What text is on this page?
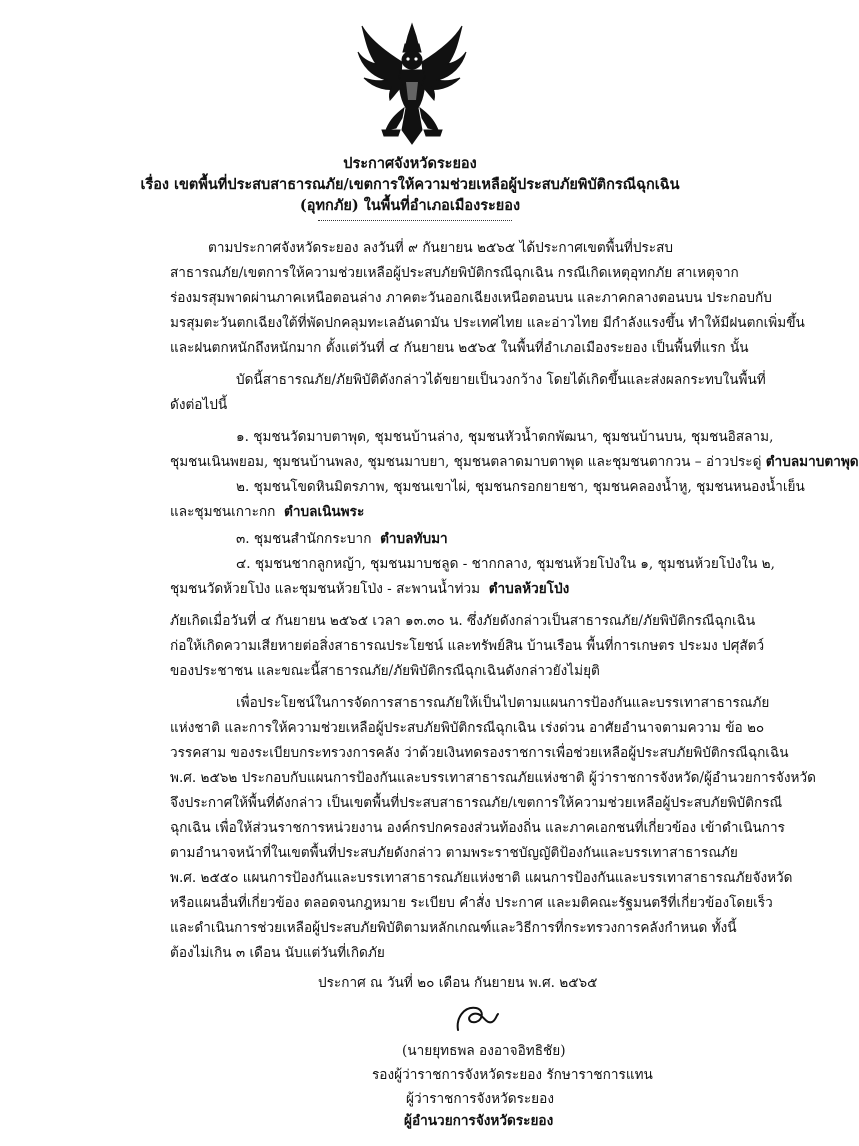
ประกาศจังหวัดระยอง
เรื่อง เขตพื้นที่ประสบสาธารณภัย/เขตการให้ความช่วยเหลือผู้ประสบภัยพิบัติกรณีฉุกเฉิน
(อุทกภัย) ในพื้นที่อำเภอเมืองระยอง
ตามประกาศจังหวัดระยอง ลงวันที่ ๙ กันยายน ๒๕๖๕ ได้ประกาศเขตพื้นที่ประสบ
สาธารณภัย/เขตการให้ความช่วยเหลือผู้ประสบภัยพิบัติกรณีฉุกเฉิน กรณีเกิดเหตุอุทกภัย สาเหตุจาก
ร่องมรสุมพาดผ่านภาคเหนือตอนล่าง ภาคตะวันออกเฉียงเหนือตอนบน และภาคกลางตอนบน ประกอบกับ
มรสุมตะวันตกเฉียงใต้ที่พัดปกคลุมทะเลอันดามัน ประเทศไทย และอ่าวไทย มีกำลังแรงขึ้น ทำให้มีฝนตกเพิ่มขึ้น
และฝนตกหนักถึงหนักมาก ตั้งแต่วันที่ ๔ กันยายน ๒๕๖๕ ในพื้นที่อำเภอเมืองระยอง เป็นพื้นที่แรก นั้น
บัดนี้สาธารณภัย/ภัยพิบัติดังกล่าวได้ขยายเป็นวงกว้าง โดยได้เกิดขึ้นและส่งผลกระทบในพื้นที่
ดังต่อไปนี้
๑. ชุมชนวัดมาบตาพุด, ชุมชนบ้านล่าง, ชุมชนหัวน้ำตกพัฒนา, ชุมชนบ้านบน, ชุมชนอิสลาม,
ชุมชนเนินพยอม, ชุมชนบ้านพลง, ชุมชนมาบยา, ชุมชนตลาดมาบตาพุด และชุมชนตากวน – อ่าวประดู่ ตำบลมาบตาพุด
๒. ชุมชนโขดหินมิตรภาพ, ชุมชนเขาไผ่, ชุมชนกรอกยายชา, ชุมชนคลองน้ำหู, ชุมชนหนองน้ำเย็น
และชุมชนเกาะกก ตำบลเนินพระ
๓. ชุมชนสำนักกระบาก ตำบลทับมา
๔. ชุมชนชากลูกหญ้า, ชุมชนมาบชลูด - ชากกลาง, ชุมชนห้วยโป่งใน ๑, ชุมชนห้วยโป่งใน ๒,
ชุมชนวัดห้วยโป่ง และชุมชนห้วยโป่ง - สะพานน้ำท่วม ตำบลห้วยโป่ง
ภัยเกิดเมื่อวันที่ ๔ กันยายน ๒๕๖๕ เวลา ๑๓.๓๐ น. ซึ่งภัยดังกล่าวเป็นสาธารณภัย/ภัยพิบัติกรณีฉุกเฉิน
ก่อให้เกิดความเสียหายต่อสิ่งสาธารณประโยชน์ และทรัพย์สิน บ้านเรือน พื้นที่การเกษตร ประมง ปศุสัตว์
ของประชาชน และขณะนี้สาธารณภัย/ภัยพิบัติกรณีฉุกเฉินดังกล่าวยังไม่ยุติ
เพื่อประโยชน์ในการจัดการสาธารณภัยให้เป็นไปตามแผนการป้องกันและบรรเทาสาธารณภัย
แห่งชาติ และการให้ความช่วยเหลือผู้ประสบภัยพิบัติกรณีฉุกเฉิน เร่งด่วน อาศัยอำนาจตามความ ข้อ ๒๐
วรรคสาม ของระเบียบกระทรวงการคลัง ว่าด้วยเงินทดรองราชการเพื่อช่วยเหลือผู้ประสบภัยพิบัติกรณีฉุกเฉิน
พ.ศ. ๒๕๖๒ ประกอบกับแผนการป้องกันและบรรเทาสาธารณภัยแห่งชาติ ผู้ว่าราชการจังหวัด/ผู้อำนวยการจังหวัด
จึงประกาศให้พื้นที่ดังกล่าว เป็นเขตพื้นที่ประสบสาธารณภัย/เขตการให้ความช่วยเหลือผู้ประสบภัยพิบัติกรณี
ฉุกเฉิน เพื่อให้ส่วนราชการหน่วยงาน องค์กรปกครองส่วนท้องถิ่น และภาคเอกชนที่เกี่ยวข้อง เข้าดำเนินการ
ตามอำนาจหน้าที่ในเขตพื้นที่ประสบภัยดังกล่าว ตามพระราชบัญญัติป้องกันและบรรเทาสาธารณภัย
พ.ศ. ๒๕๕๐ แผนการป้องกันและบรรเทาสาธารณภัยแห่งชาติ แผนการป้องกันและบรรเทาสาธารณภัยจังหวัด
หรือแผนอื่นที่เกี่ยวข้อง ตลอดจนกฎหมาย ระเบียบ คำสั่ง ประกาศ และมติคณะรัฐมนตรีที่เกี่ยวข้องโดยเร็ว
และดำเนินการช่วยเหลือผู้ประสบภัยพิบัติตามหลักเกณฑ์และวิธีการที่กระทรวงการคลังกำหนด ทั้งนี้
ต้องไม่เกิน ๓ เดือน นับแต่วันที่เกิดภัย
ประกาศ ณ วันที่ ๒๐ เดือน กันยายน พ.ศ. ๒๕๖๕
(นายยุทธพล องอาจอิทธิชัย)
รองผู้ว่าราชการจังหวัดระยอง รักษาราชการแทน
ผู้ว่าราชการจังหวัดระยอง
ผู้อำนวยการจังหวัดระยอง
